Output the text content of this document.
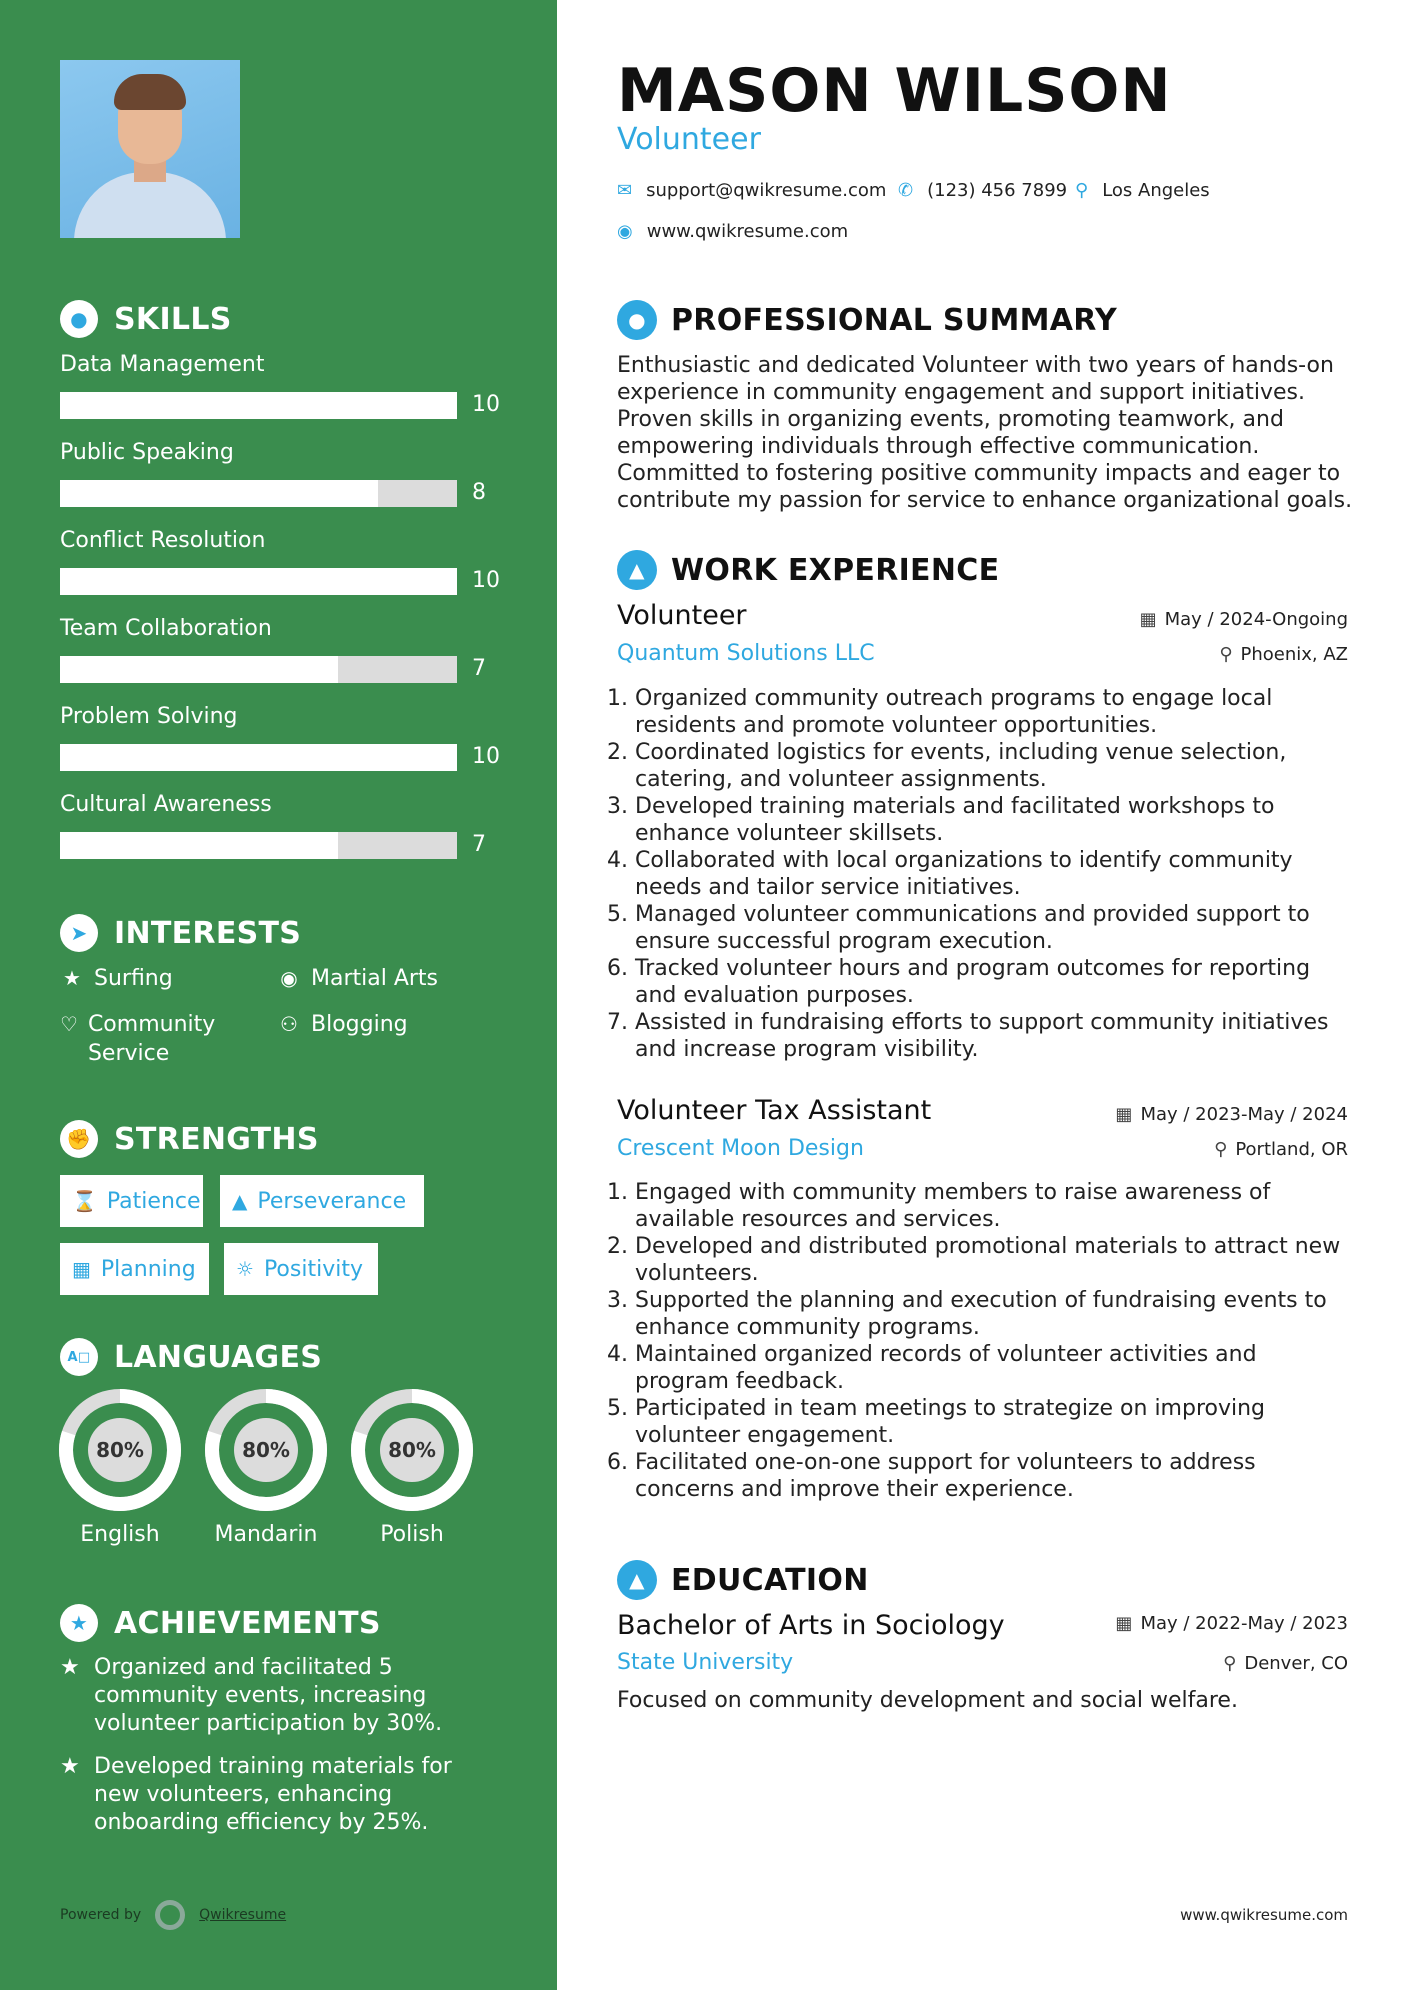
● SKILLS
Data Management
10
Public Speaking
8
Conflict Resolution
10
Team Collaboration
7
Problem Solving
10
Cultural Awareness
7
➤ INTERESTS
★ Surfing	◉ Martial Arts
♡ Community Service
⚇ Blogging
✊ STRENGTHS
⌛ Patience ▲ Perseverance
▦ Planning ☼ Positivity
A□ LANGUAGES
80%
English
80%
Mandarin
80%
Polish
★ ACHIEVEMENTS
★ Organized and facilitated 5 community events, increasing volunteer participation by 30%.
★ Developed training materials for new volunteers, enhancing onboarding efficiency by 25%.
Powered by	Qwikresume
MASON WILSON
Volunteer
✉ support@qwikresume.com ✆ (123) 456 7899 ⚲ Los Angeles
◉ www.qwikresume.com
● PROFESSIONAL SUMMARY
Enthusiastic and dedicated Volunteer with two years of hands-on experience in community engagement and support initiatives. Proven skills in organizing events, promoting teamwork, and empowering individuals through effective communication. Committed to fostering positive community impacts and eager to contribute my passion for service to enhance organizational goals.
▲ WORK EXPERIENCE
Volunteer	▦ May / 2024-Ongoing
Quantum Solutions LLC	⚲ Phoenix, AZ
1. Organized community outreach programs to engage local residents and promote volunteer opportunities.
2. Coordinated logistics for events, including venue selection, catering, and volunteer assignments.
3. Developed training materials and facilitated workshops to enhance volunteer skillsets.
4. Collaborated with local organizations to identify community needs and tailor service initiatives.
5. Managed volunteer communications and provided support to ensure successful program execution.
6. Tracked volunteer hours and program outcomes for reporting and evaluation purposes.
7. Assisted in fundraising efforts to support community initiatives and increase program visibility.
Volunteer Tax Assistant	▦ May / 2023-May / 2024
Crescent Moon Design	⚲ Portland, OR
1. Engaged with community members to raise awareness of available resources and services.
2. Developed and distributed promotional materials to attract new volunteers.
3. Supported the planning and execution of fundraising events to enhance community programs.
4. Maintained organized records of volunteer activities and program feedback.
5. Participated in team meetings to strategize on improving volunteer engagement.
6. Facilitated one-on-one support for volunteers to address concerns and improve their experience.
▲ EDUCATION
Bachelor of Arts in Sociology	▦ May / 2022-May / 2023
State University	⚲ Denver, CO
Focused on community development and social welfare.
www.qwikresume.com
